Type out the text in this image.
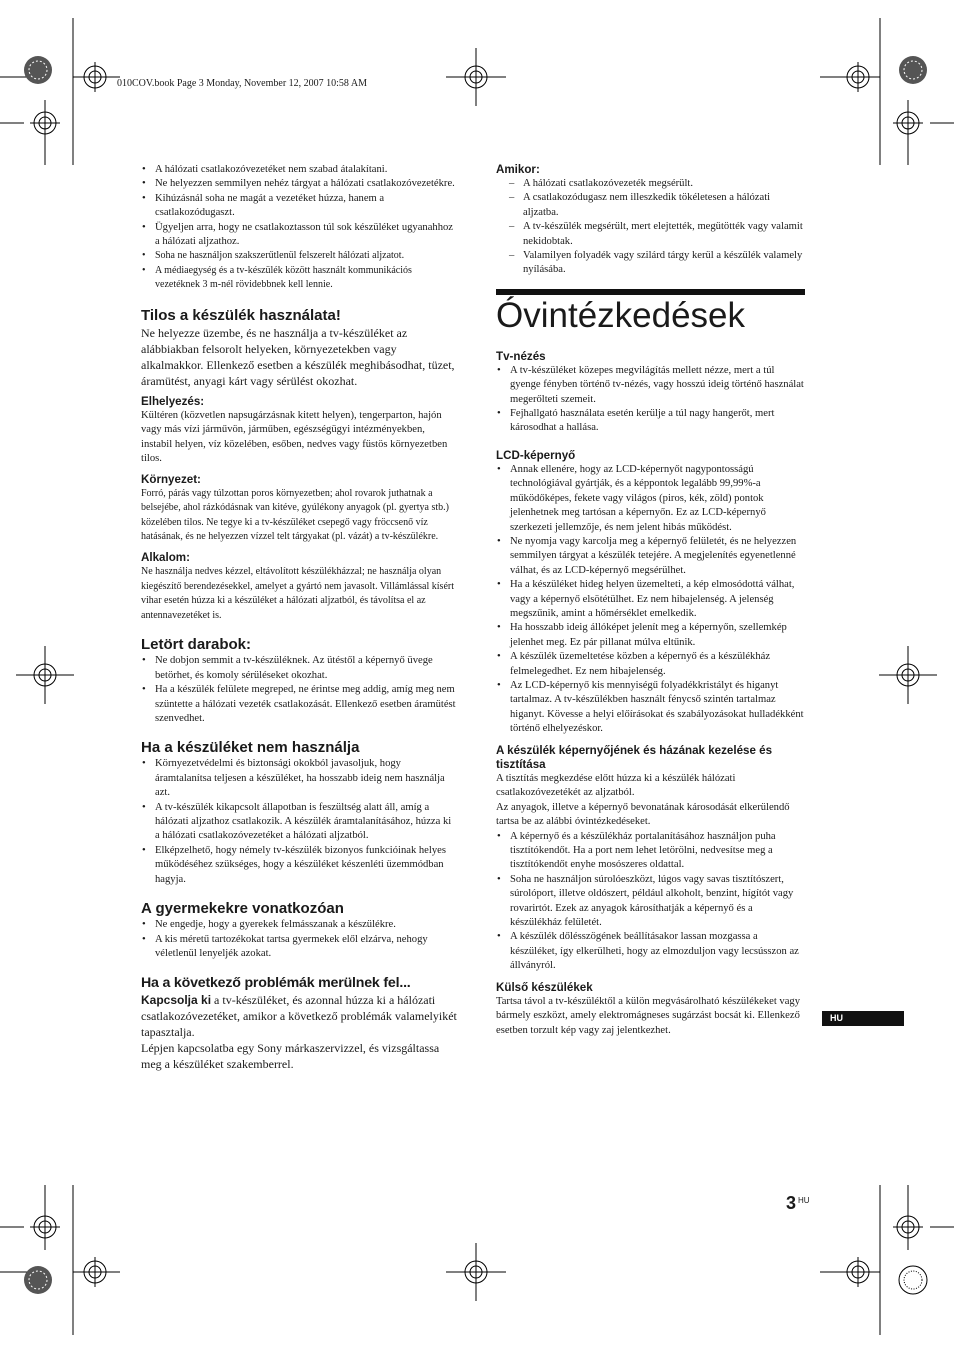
010COV.book Page 3 Monday, November 12, 2007 10:58 AM
• A hálózati csatlakozóvezetéket nem szabad átalakítani.
• Ne helyezzen semmilyen nehéz tárgyat a hálózati csatlakozóvezetékre.
• Kihúzásnál soha ne magát a vezetéket húzza, hanem a csatlakozódugaszt.
• Ügyeljen arra, hogy ne csatlakoztasson túl sok készüléket ugyanahhoz a hálózati aljzathoz.
• Soha ne használjon szakszerűtlenül felszerelt hálózati aljzatot.
• A médiaegység és a tv-készülék között használt kommunikációs vezetéknek 3 m-nél rövidebbnek kell lennie.
Tilos a készülék használata!

Ne helyezze üzembe, és ne használja a tv-készüléket az alábbiakban felsorolt helyeken, környezetekben vagy alkalmakkor. Ellenkező esetben a készülék meghibásodhat, tüzet, áramütést, anyagi kárt vagy sérülést okozhat.

Elhelyezés:

Kültéren (közvetlen napsugárzásnak kitett helyen), tengerparton, hajón vagy más vízi járművön, járműben, egészségügyi intézményekben, instabil helyen, víz közelében, esőben, nedves vagy füstös környezetben tilos.

Környezet:

Forró, párás vagy túlzottan poros környezetben; ahol rovarok juthatnak a belsejébe, ahol rázkódásnak van kitéve, gyúlékony anyagok (pl. gyertya stb.) közelében tilos. Ne tegye ki a tv-készüléket csepegő vagy fröccsenő víz hatásának, és ne helyezzen vízzel telt tárgyakat (pl. vázát) a tv-készülékre.

Alkalom:

Ne használja nedves kézzel, eltávolított készülékházzal; ne használja olyan kiegészítő berendezésekkel, amelyet a gyártó nem javasolt. Villámlással kísért vihar esetén húzza ki a készüléket a hálózati aljzatból, és távolítsa el az antennavezetéket is.

Letört darabok:
• Ne dobjon semmit a tv-készüléknek. Az ütéstől a képernyő üvege betörhet, és komoly sérüléseket okozhat.
• Ha a készülék felülete megreped, ne érintse meg addig, amíg meg nem szüntette a hálózati vezeték csatlakozását. Ellenkező esetben áramütést szenvedhet.
Ha a készüléket nem használja
• Környezetvédelmi és biztonsági okokból javasoljuk, hogy áramtalanítsa teljesen a készüléket, ha hosszabb ideig nem használja azt.
• A tv-készülék kikapcsolt állapotban is feszültség alatt áll, amíg a hálózati aljzathoz csatlakozik. A készülék áramtalanításához, húzza ki a hálózati csatlakozóvezetéket a hálózati aljzatból.
• Elképzelhető, hogy némely tv-készülék bizonyos funkcióinak helyes működéséhez szükséges, hogy a készüléket készenléti üzemmódban hagyja.
A gyermekekre vonatkozóan
• Ne engedje, hogy a gyerekek felmásszanak a készülékre.
• A kis méretű tartozékokat tartsa gyermekek elől elzárva, nehogy véletlenül lenyeljék azokat.
Ha a következő problémák merülnek fel...

Kapcsolja ki a tv-készüléket, és azonnal húzza ki a hálózati csatlakozóvezetéket, amikor a következő problémák valamelyikét tapasztalja.

Lépjen kapcsolatba egy Sony márkaszervizzel, és vizsgáltassa meg a készüléket szakemberrel.

Amikor:
– A hálózati csatlakozóvezeték megsérült.
– A csatlakozódugasz nem illeszkedik tökéletesen a hálózati aljzatba.
– A tv-készülék megsérült, mert elejtették, megütötték vagy valamit nekidobtak.
– Valamilyen folyadék vagy szilárd tárgy kerül a készülék valamely nyílásába.
Óvintézkedések
Tv-nézés
• A tv-készüléket közepes megvilágítás mellett nézze, mert a túl gyenge fényben történő tv-nézés, vagy hosszú ideig történő használat megerőlteti szemeit.
• Fejhallgató használata esetén kerülje a túl nagy hangerőt, mert károsodhat a hallása.
LCD-képernyő
• Annak ellenére, hogy az LCD-képernyőt nagypontosságú technológiával gyártják, és a képpontok legalább 99,99%-a működőképes, fekete vagy világos (piros, kék, zöld) pontok jelenhetnek meg tartósan a képernyőn. Ez az LCD-képernyő szerkezeti jellemzője, és nem jelent hibás működést.
• Ne nyomja vagy karcolja meg a képernyő felületét, és ne helyezzen semmilyen tárgyat a készülék tetejére. A megjelenítés egyenetlenné válhat, és az LCD-képernyő megsérülhet.
• Ha a készüléket hideg helyen üzemelteti, a kép elmosódottá válhat, vagy a képernyő elsötétülhet. Ez nem hibajelenség. A jelenség megszűnik, amint a hőmérséklet emelkedik.
• Ha hosszabb ideig állóképet jelenít meg a képernyőn, szellemkép jelenhet meg. Ez pár pillanat múlva eltűnik.
• A készülék üzemeltetése közben a képernyő és a készülékház felmelegedhet. Ez nem hibajelenség.
• Az LCD-képernyő kis mennyiségű folyadékkristályt és higanyt tartalmaz. A tv-készülékben használt fénycső szintén tartalmaz higanyt. Kövesse a helyi előírásokat és szabályozásokat hulladékként történő elhelyezéskor.
A készülék képernyőjének és házának kezelése és tisztítása

A tisztítás megkezdése előtt húzza ki a készülék hálózati csatlakozóvezetékét az aljzatból.

Az anyagok, illetve a képernyő bevonatának károsodását elkerülendő tartsa be az alábbi óvintézkedéseket.

• A képernyő és a készülékház portalanításához használjon puha tisztítókendőt. Ha a port nem lehet letörölni, nedvesítse meg a tisztítókendőt enyhe mosószeres oldattal.
• Soha ne használjon súrolóeszközt, lúgos vagy savas tisztítószert, súrolóport, illetve oldószert, például alkoholt, benzint, hígítót vagy rovarirtót. Ezek az anyagok károsíthatják a képernyő és a készülékház felületét.
• A készülék dőlésszögének beállításakor lassan mozgassa a készüléket, így elkerülheti, hogy az elmozduljon vagy lecsússzon az állványról.
Külső készülékek

Tartsa távol a tv-készüléktől a külön megvásárolható készülékeket vagy bármely eszközt, amely elektromágneses sugárzást bocsát ki. Ellenkező esetben torzult kép vagy zaj jelentkezhet.

HU
3 $^{HU}$
